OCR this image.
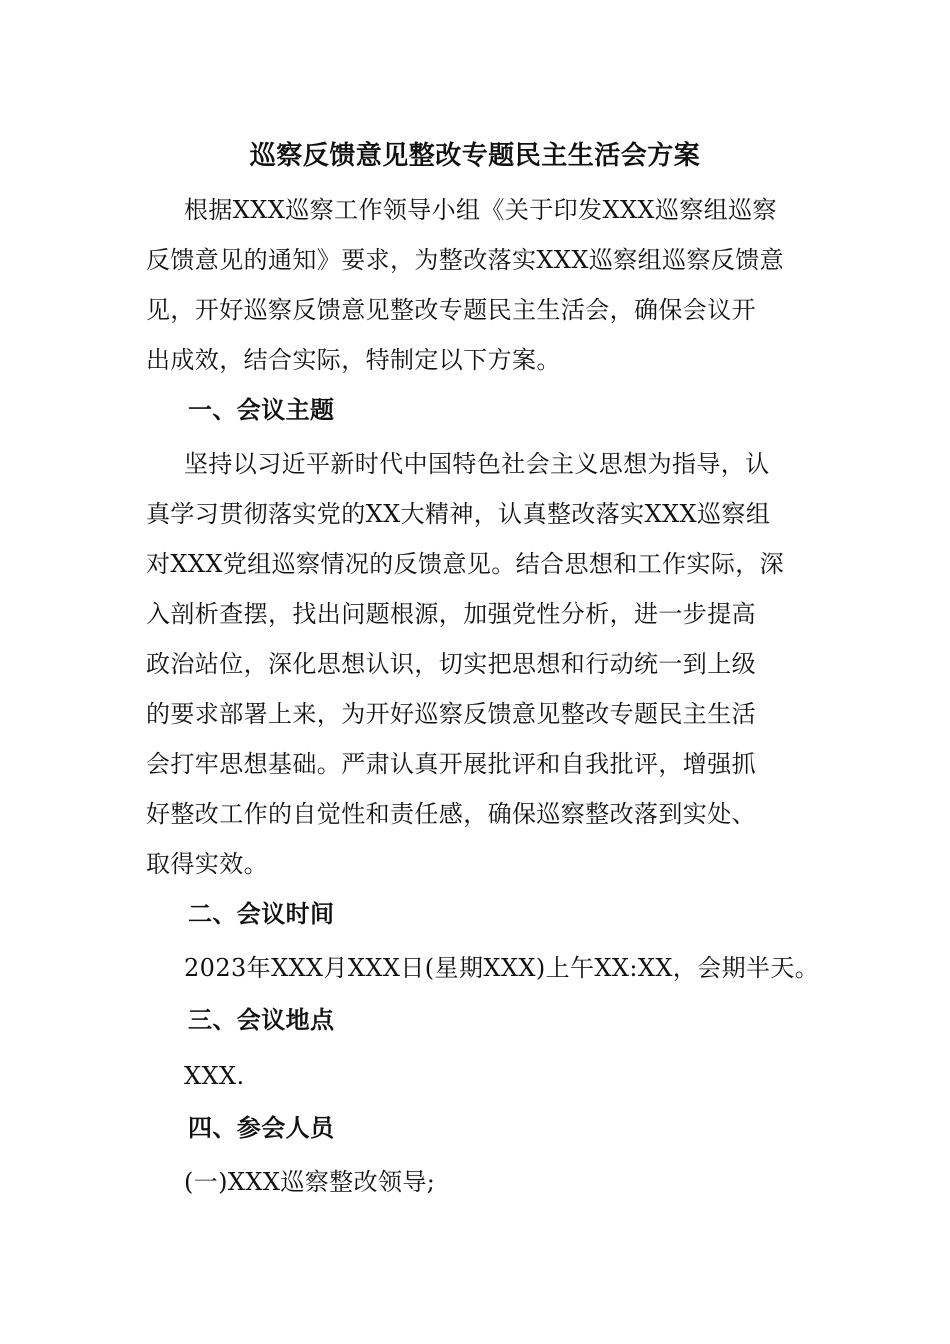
巡察反馈意见整改专题民主生活会方案
根据XXX巡察工作领导小组《关于印发XXX巡察组巡察
反馈意见的通知》要求，为整改落实XXX巡察组巡察反馈意
见，开好巡察反馈意见整改专题民主生活会，确保会议开
出成效，结合实际，特制定以下方案。
一、会议主题
坚持以习近平新时代中国特色社会主义思想为指导，认
真学习贯彻落实党的XX大精神，认真整改落实XXX巡察组
对XXX党组巡察情况的反馈意见。结合思想和工作实际，深
入剖析查摆，找出问题根源，加强党性分析，进一步提高
政治站位，深化思想认识，切实把思想和行动统一到上级
的要求部署上来，为开好巡察反馈意见整改专题民主生活
会打牢思想基础。严肃认真开展批评和自我批评，增强抓
好整改工作的自觉性和责任感，确保巡察整改落到实处、
取得实效。
二、会议时间
2023年XXX月XXX日(星期XXX)上午XX:XX，会期半天。
三、会议地点
XXX.
四、参会人员
(一)XXX巡察整改领导;
